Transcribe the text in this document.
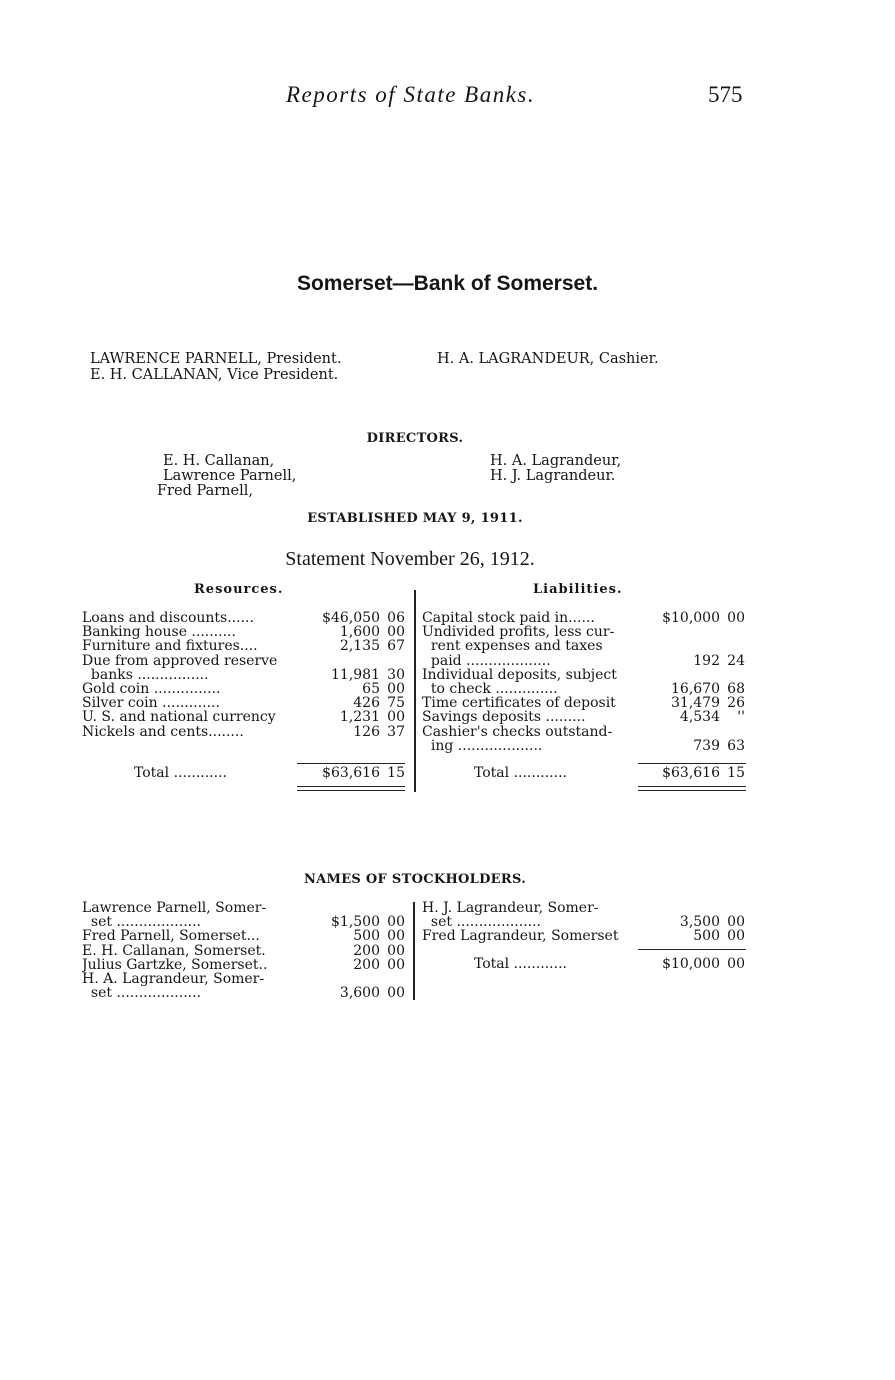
Reports of State Banks.	575
Somerset—Bank of Somerset.
LAWRENCE PARNELL, President.
E. H. CALLANAN, Vice President.
H. A. LAGRANDEUR, Cashier.
DIRECTORS.
E. H. Callanan,
Lawrence Parnell,
Fred Parnell,
H. A. Lagrandeur,
H. J. Lagrandeur.
ESTABLISHED MAY 9, 1911.
Statement November 26, 1912.
Resources.	Liabilities.
Loans and discounts......	$46,050 06
Banking house ..........	1,600 00
Furniture and fixtures....	2,135 67
Due from approved reserve
banks ................	11,981 30
Gold coin ...............	65 00
Silver coin .............	426 75
U. S. and national currency	1,231 00
Nickels and cents........	126 37
Capital stock paid in......	$10,000 00
Undivided profits, less cur-
rent expenses and taxes
paid ...................	192 24
Individual deposits, subject
to check ..............	16,670 68
Time certificates of deposit	31,479 26
Savings deposits .........	4,534	''
Cashier's checks outstand-
ing ...................	739 63
Total ............	$63,616 15	Total ............	$63,616 15
NAMES OF STOCKHOLDERS.
Lawrence Parnell, Somer-
set ...................	$1,500 00
Fred Parnell, Somerset...	500 00
E. H. Callanan, Somerset.	200 00
Julius Gartzke, Somerset..	200 00
H. A. Lagrandeur, Somer-
set ...................	3,600 00
H. J. Lagrandeur, Somer-
set ...................	3,500 00
Fred Lagrandeur, Somerset	500 00
Total ............	$10,000 00
